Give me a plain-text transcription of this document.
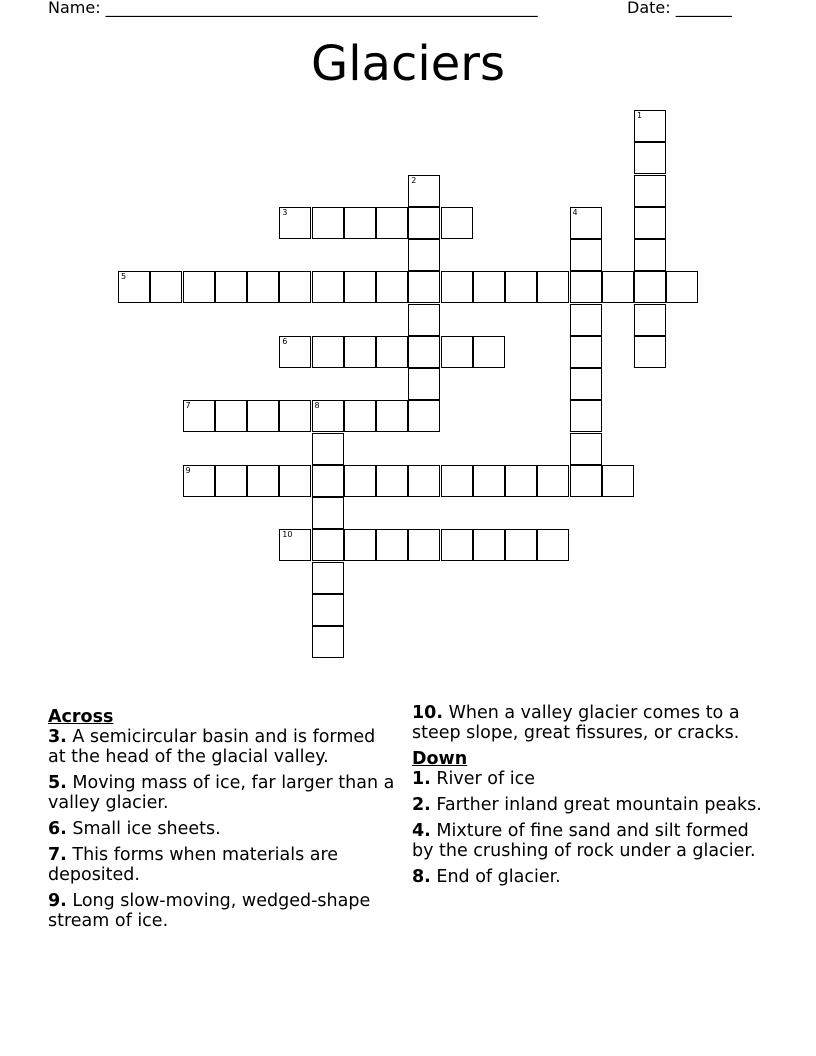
Name: ______________________________________________________	Date: _______
Glaciers
1
2
3	4
5
6
7	8
9
10
Across
3. A semicircular basin and is formed at the head of the glacial valley.
5. Moving mass of ice, far larger than a valley glacier.
6. Small ice sheets.
7. This forms when materials are deposited.
9. Long slow-moving, wedged-shape stream of ice.
10. When a valley glacier comes to a steep slope, great fissures, or cracks.
Down
1. River of ice
2. Farther inland great mountain peaks.
4. Mixture of fine sand and silt formed by the crushing of rock under a glacier.
8. End of glacier.
